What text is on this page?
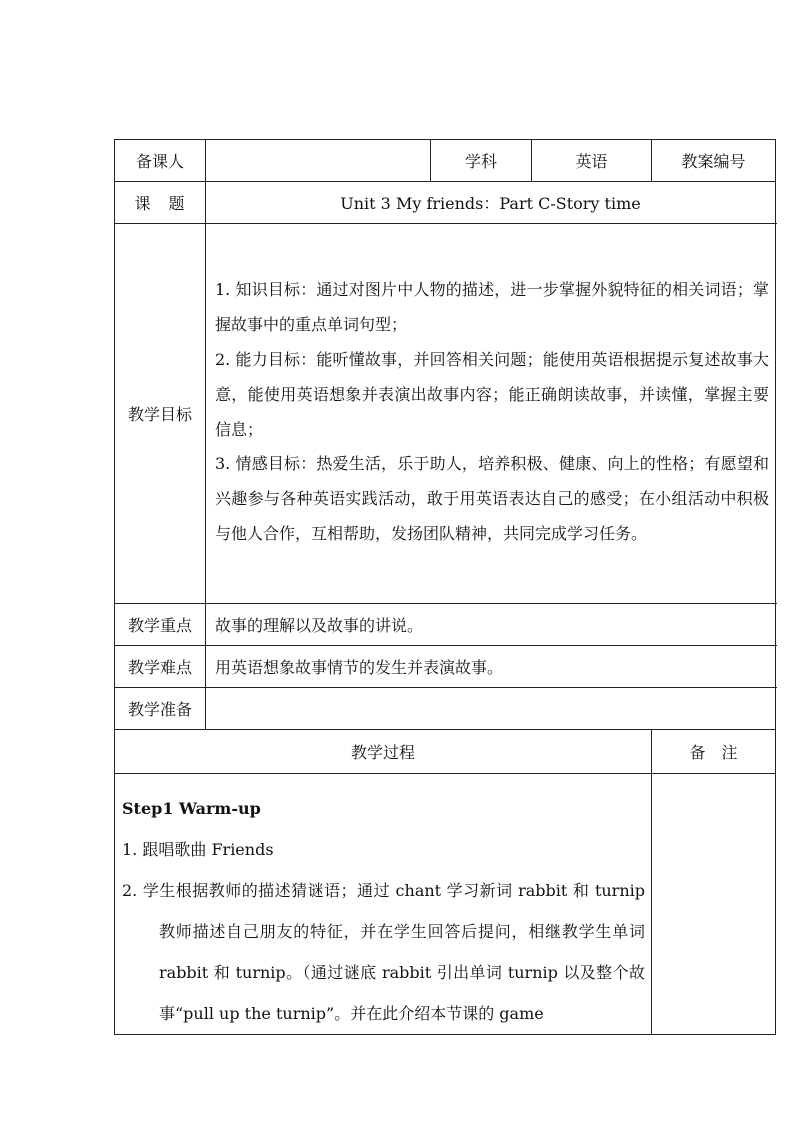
备课人		学科	英语	教案编号	
课　题	Unit 3 My friends：Part C-Story time				
教学目标	1. 知识目标：通过对图片中人物的描述，进一步掌握外貌特征的相关词语；掌握故事中的重点单词句型；
2. 能力目标：能听懂故事，并回答相关问题；能使用英语根据提示复述故事大意，能使用英语想象并表演出故事内容；能正确朗读故事，并读懂，掌握主要信息；
3. 情感目标：热爱生活，乐于助人，培养积极、健康、向上的性格；有愿望和兴趣参与各种英语实践活动，敢于用英语表达自己的感受；在小组活动中积极与他人合作，互相帮助，发扬团队精神，共同完成学习任务。				

教学重点	故事的理解以及故事的讲说。				
教学难点	用英语想象故事情节的发生并表演故事。				
教学准备					
教学过程				备　注	

Step1 Warm-up
1. 跟唱歌曲 Friends
2. 学生根据教师的描述猜谜语；通过 chant 学习新词 rabbit 和 turnip 教师描述自己朋友的特征，并在学生回答后提问，相继教学生单词 rabbit 和 turnip。（通过谜底 rabbit 引出单词 turnip 以及整个故事“pull up the turnip”。并在此介绍本节课的 game					
